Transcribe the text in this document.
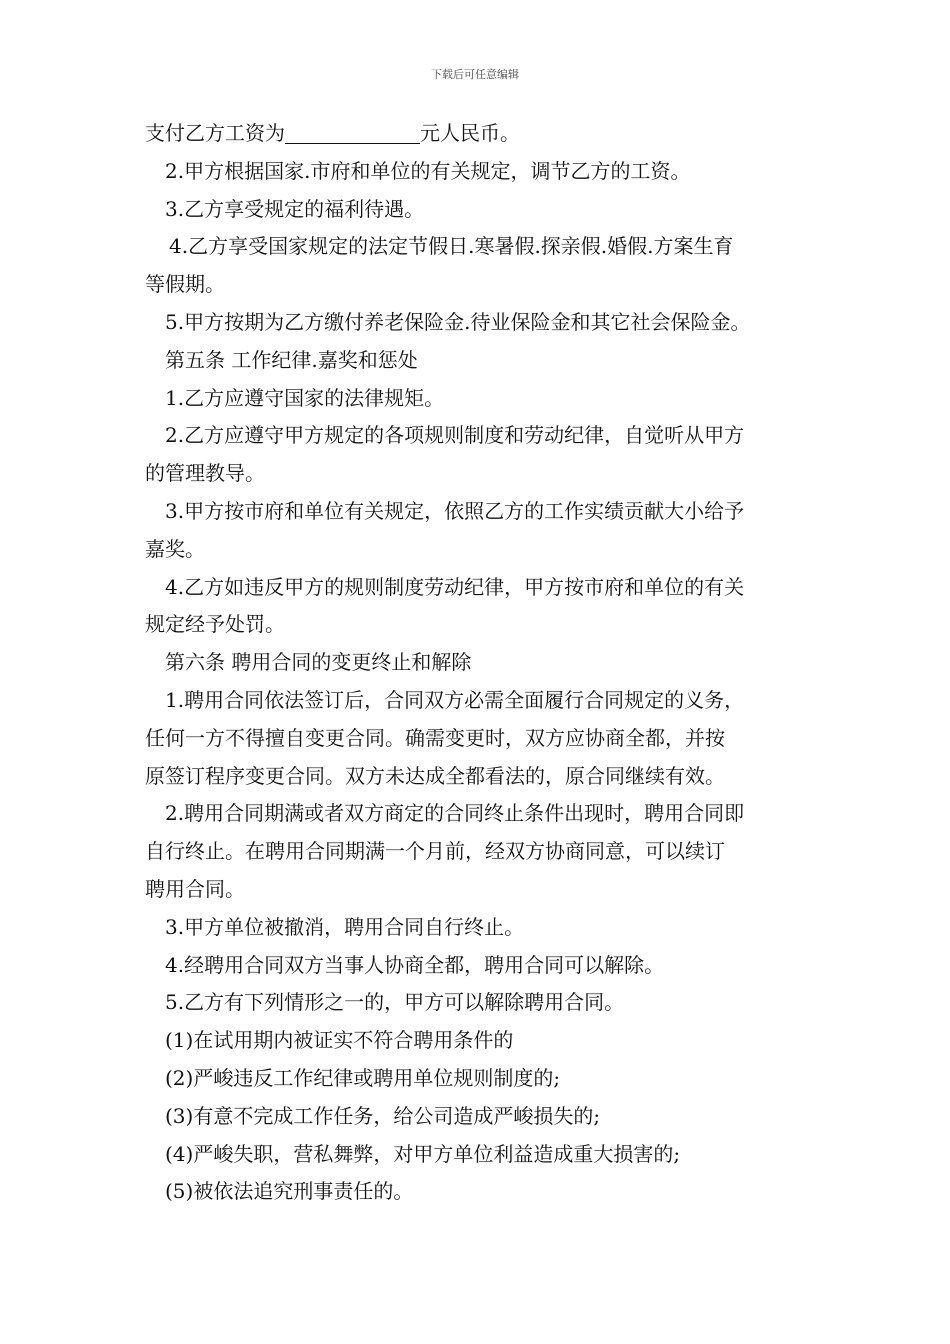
下载后可任意编辑
支付乙方工资为	元人民币。
2.甲方根据国家.市府和单位的有关规定，调节乙方的工资。
3.乙方享受规定的福利待遇。
4.乙方享受国家规定的法定节假日.寒暑假.探亲假.婚假.方案生育
等假期。
5.甲方按期为乙方缴付养老保险金.待业保险金和其它社会保险金。
第五条 工作纪律.嘉奖和惩处
1.乙方应遵守国家的法律规矩。
2.乙方应遵守甲方规定的各项规则制度和劳动纪律，自觉听从甲方
的管理教导。
3.甲方按市府和单位有关规定，依照乙方的工作实绩贡献大小给予
嘉奖。
4.乙方如违反甲方的规则制度劳动纪律，甲方按市府和单位的有关
规定经予处罚。
第六条 聘用合同的变更终止和解除
1.聘用合同依法签订后，合同双方必需全面履行合同规定的义务，
任何一方不得擅自变更合同。确需变更时，双方应协商全都，并按
原签订程序变更合同。双方未达成全都看法的，原合同继续有效。
2.聘用合同期满或者双方商定的合同终止条件出现时，聘用合同即
自行终止。在聘用合同期满一个月前，经双方协商同意，可以续订
聘用合同。
3.甲方单位被撤消，聘用合同自行终止。
4.经聘用合同双方当事人协商全都，聘用合同可以解除。
5.乙方有下列情形之一的，甲方可以解除聘用合同。
(1)在试用期内被证实不符合聘用条件的
(2)严峻违反工作纪律或聘用单位规则制度的;
(3)有意不完成工作任务，给公司造成严峻损失的;
(4)严峻失职，营私舞弊，对甲方单位利益造成重大损害的;
(5)被依法追究刑事责任的。
